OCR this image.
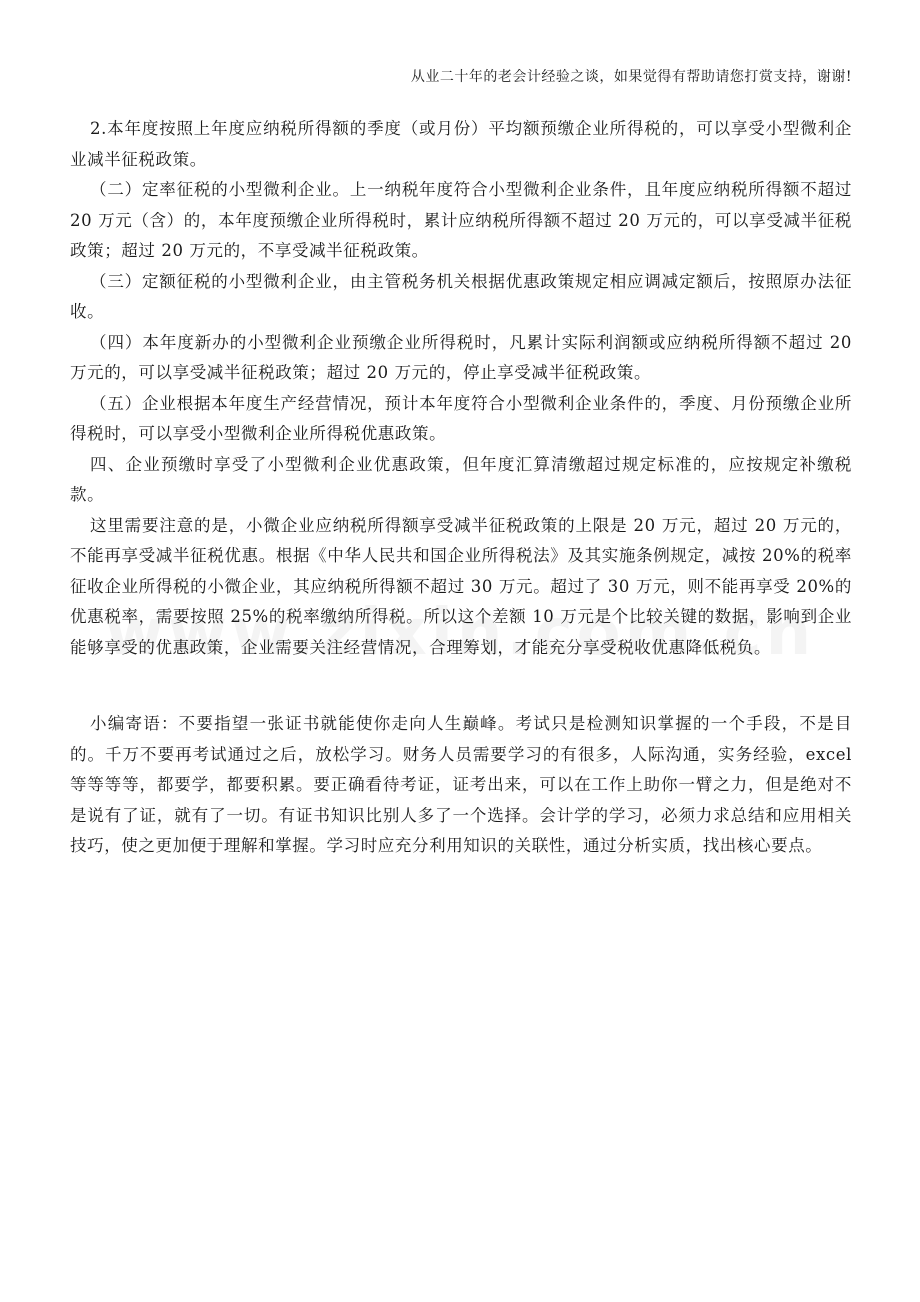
从业二十年的老会计经验之谈，如果觉得有帮助请您打赏支持，谢谢!

2.本年度按照上年度应纳税所得额的季度（或月份）平均额预缴企业所得税的，可以享受小型微利企业减半征税政策。

（二）定率征税的小型微利企业。上一纳税年度符合小型微利企业条件，且年度应纳税所得额不超过 20 万元（含）的，本年度预缴企业所得税时，累计应纳税所得额不超过 20 万元的，可以享受减半征税政策；超过 20 万元的，不享受减半征税政策。

（三）定额征税的小型微利企业，由主管税务机关根据优惠政策规定相应调减定额后，按照原办法征收。

（四）本年度新办的小型微利企业预缴企业所得税时，凡累计实际利润额或应纳税所得额不超过 20 万元的，可以享受减半征税政策；超过 20 万元的，停止享受减半征税政策。

（五）企业根据本年度生产经营情况，预计本年度符合小型微利企业条件的，季度、月份预缴企业所得税时，可以享受小型微利企业所得税优惠政策。

四、企业预缴时享受了小型微利企业优惠政策，但年度汇算清缴超过规定标准的，应按规定补缴税款。

这里需要注意的是，小微企业应纳税所得额享受减半征税政策的上限是 20 万元，超过 20 万元的，不能再享受减半征税优惠。根据《中华人民共和国企业所得税法》及其实施条例规定，减按 20%的税率征收企业所得税的小微企业，其应纳税所得额不超过 30 万元。超过了 30 万元，则不能再享受 20%的优惠税率，需要按照 25%的税率缴纳所得税。所以这个差额 10 万元是个比较关键的数据，影响到企业能够享受的优惠政策，企业需要关注经营情况，合理筹划，才能充分享受税收优惠降低税负。

小编寄语：不要指望一张证书就能使你走向人生巅峰。考试只是检测知识掌握的一个手段，不是目的。千万不要再考试通过之后，放松学习。财务人员需要学习的有很多，人际沟通，实务经验，excel 等等等等，都要学，都要积累。要正确看待考证，证考出来，可以在工作上助你一臂之力，但是绝对不是说有了证，就有了一切。有证书知识比别人多了一个选择。会计学的学习，必须力求总结和应用相关技巧，使之更加便于理解和掌握。学习时应充分利用知识的关联性，通过分析实质，找出核心要点。
